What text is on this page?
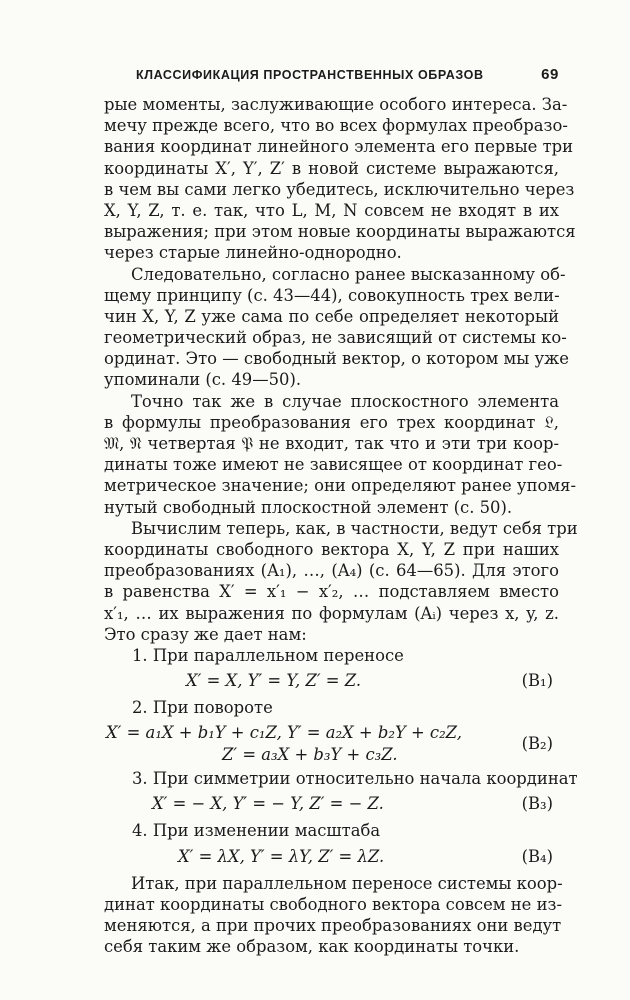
КЛАССИФИКАЦИЯ ПРОСТРАНСТВЕННЫХ ОБРАЗОВ	69
рые моменты, заслуживающие особого интереса. За-
мечу прежде всего, что во всех формулах преобразо-
вания координат линейного элемента его первые три
координаты X′, Y′, Z′ в новой системе выражаются,
в чем вы сами легко убедитесь, исключительно через
X, Y, Z, т. е. так, что L, M, N совсем не входят в их
выражения; при этом новые координаты выражаются
через старые линейно-однородно.
Следовательно, согласно ранее высказанному об-
щему принципу (с. 43—44), совокупность трех вели-
чин X, Y, Z уже сама по себе определяет некоторый
геометрический образ, не зависящий от системы ко-
ординат. Это — свободный вектор, о котором мы уже
упоминали (с. 49—50).
Точно так же в случае плоскостного элемента
в формулы преобразования его трех координат 𝔏,
𝔐, 𝔑 четвертая 𝔓 не входит, так что и эти три коор-
динаты тоже имеют не зависящее от координат гео-
метрическое значение; они определяют ранее упомя-
нутый свободный плоскостной элемент (с. 50).
Вычислим теперь, как, в частности, ведут себя три
координаты свободного вектора X, Y, Z при наших
преобразованиях (A₁), …, (A₄) (с. 64—65). Для этого
в равенства X′ = x′₁ − x′₂, … подставляем вместо
x′₁, … их выражения по формулам (Aᵢ) через x, y, z.
Это сразу же дает нам:
1. При параллельном переносе
X′ = X, Y′ = Y, Z′ = Z.	(B₁)
2. При повороте
X′ = a₁X + b₁Y + c₁Z, Y′ = a₂X + b₂Y + c₂Z,
Z′ = a₃X + b₃Y + c₃Z.
(B₂)
3. При симметрии относительно начала координат
X′ = − X, Y′ = − Y, Z′ = − Z.	(B₃)
4. При изменении масштаба
X′ = λX, Y′ = λY, Z′ = λZ.	(B₄)
Итак, при параллельном переносе системы коор-
динат координаты свободного вектора совсем не из-
меняются, а при прочих преобразованиях они ведут
себя таким же образом, как координаты точки.
